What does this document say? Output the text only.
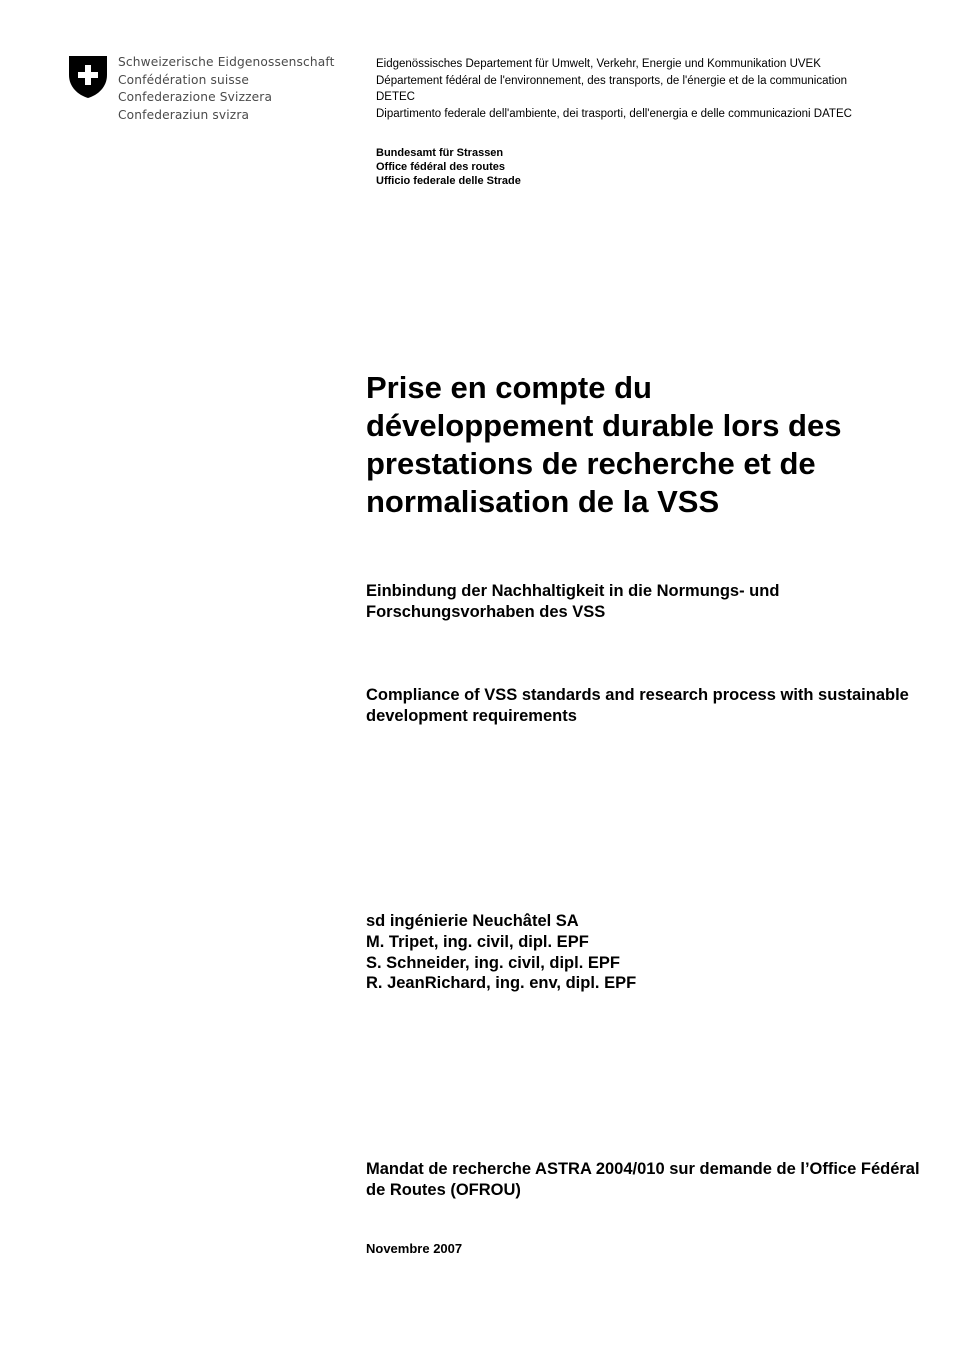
Schweizerische Eidgenossenschaft
Confédération suisse
Confederazione Svizzera
Confederaziun svizra

Eidgenössisches Departement für Umwelt, Verkehr, Energie und Kommunikation UVEK

Département fédéral de l'environnement, des transports, de l'énergie et de la communication DETEC

Dipartimento federale dell'ambiente, dei trasporti, dell'energia e delle communicazioni DATEC

Bundesamt für Strassen
Office fédéral des routes
Ufficio federale delle Strade
Prise en compte du développement durable lors des prestations de recherche et de normalisation de la VSS

Einbindung der Nachhaltigkeit in die Normungs- und Forschungsvorhaben des VSS

Compliance of VSS standards and research process with sustainable development requirements

sd ingénierie Neuchâtel SA
M. Tripet, ing. civil, dipl. EPF
S. Schneider, ing. civil, dipl. EPF
R. JeanRichard, ing. env, dipl. EPF

Mandat de recherche ASTRA 2004/010 sur demande de l’Office Fédéral de Routes (OFROU)

Novembre 2007
